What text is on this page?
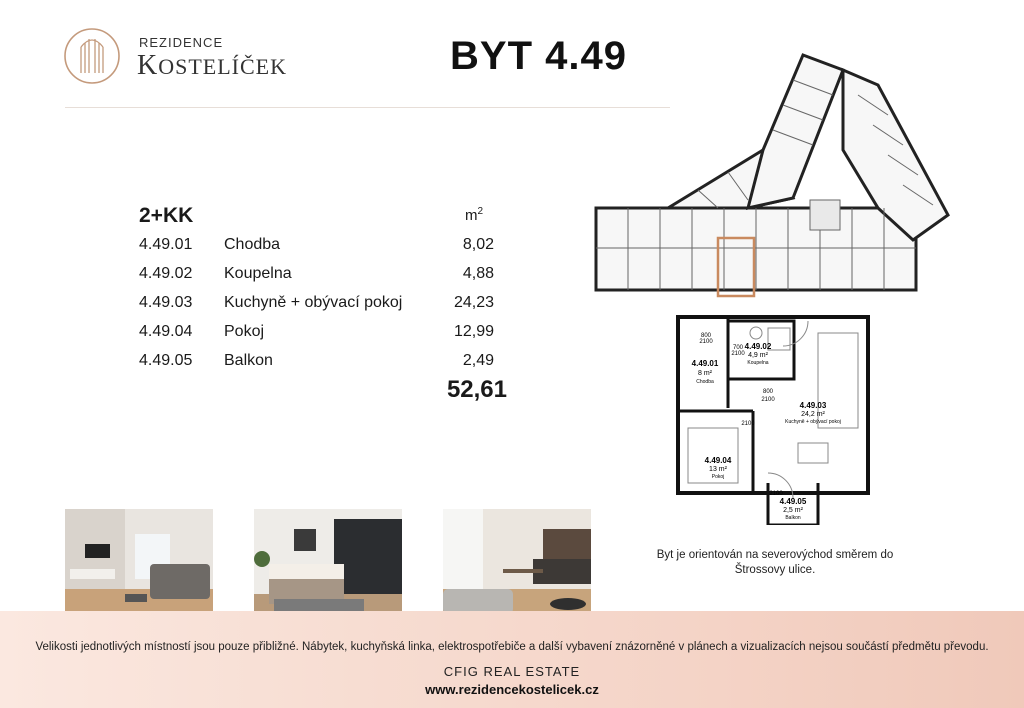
REZIDENCE
KOSTELÍČEK	BYT 4.49
2+KK	$m^2$
4.49.01 Chodba	8,02
4.49.02 Koupelna	4,88
4.49.03 Kuchyně + obývací pokoj	24,23
4.49.04 Pokoj	12,99
4.49.05 Balkon	2,49
52,61
800
2100
700
2100
800
2100
2100
2100
4.49.01
8 m²
Chodba
4.49.02
4,9 m²
Koupelna
4.49.03
24,2 m²
Kuchyně + obývací pokoj
4.49.04
13 m²
Pokoj
4.49.05
2,5 m²
Balkon
Byt je orientován na severovýchod směrem do Štrossovy ulice.
Velikosti jednotlivých místností jsou pouze přibližné. Nábytek, kuchyňská linka, elektrospotřebiče a další vybavení znázorněné v plánech a vizualizacích nejsou součástí předmětu převodu.
CFIG REAL ESTATE
www.rezidencekostelicek.cz
